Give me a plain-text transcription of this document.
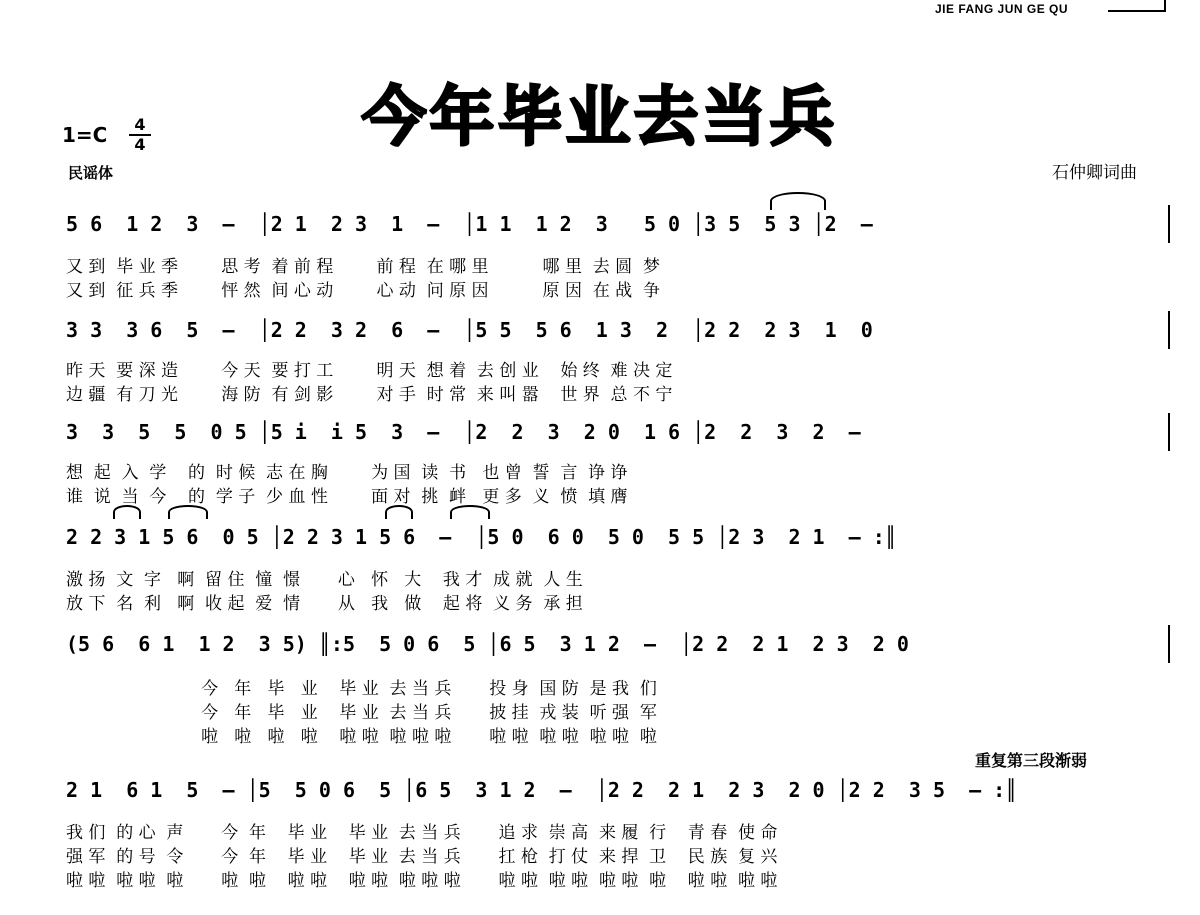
JIE FANG JUN GE QU
今年毕业去当兵
1=C	4
4
民谣体	石仲卿词曲
5 6  1 2  3  –  │2 1  2 3  1  –  │1 1  1 2  3   5 0 │3 5  5 3 │2  –
又 到  毕 业 季        思 考  着 前 程        前 程  在 哪 里          哪 里  去 圆  梦
又 到  征 兵 季        怦 然  间 心 动        心 动  问 原 因          原 因  在 战  争
3 3  3 6  5  –  │2 2  3 2  6  –  │5 5  5 6  1 3  2  │2 2  2 3  1  0
昨 天  要 深 造        今 天  要 打 工        明 天  想 着  去 创 业    始 终  难 决 定
边 疆  有 刀 光        海 防  有 剑 影        对 手  时 常  来 叫 嚣    世 界  总 不 宁
3  3  5  5  0 5 │5 i  i 5  3  –  │2  2  3  2 0  1 6 │2  2  3  2  –
想  起  入  学    的  时 候  志 在 胸        为 国  读  书   也 曾  誓  言  诤 诤
谁  说  当  今    的  学 子  少 血 性        面 对  挑  衅   更 多  义  愤  填 膺
2 2 3 1 5 6  0 5 │2 2 3 1 5 6  –  │5 0  6 0  5 0  5 5 │2 3  2 1  – :║
激 扬  文  字   啊  留 住  憧  憬       心   怀   大    我 才  成 就  人 生
放 下  名  利   啊  收 起  爱  情       从   我   做    起 将  义 务  承 担
(5 6  6 1  1 2  3 5) ║:5  5 0 6  5 │6 5  3 1 2  –  │2 2  2 1  2 3  2 0
今   年   毕   业    毕 业  去 当 兵       投 身  国 防  是 我  们
今   年   毕   业    毕 业  去 当 兵       披 挂  戎 装  听 强  军
啦   啦   啦   啦    啦 啦  啦 啦 啦       啦 啦  啦 啦  啦 啦  啦
重复第三段渐弱
2 1  6 1  5  – │5  5 0 6  5 │6 5  3 1 2  –  │2 2  2 1  2 3  2 0 │2 2  3 5  – :║
我 们  的 心  声       今  年    毕 业    毕 业  去 当 兵       追 求  崇 高  来 履  行    青 春  使 命
强 军  的 号  令       今  年    毕 业    毕 业  去 当 兵       扛 枪  打 仗  来 捍  卫    民 族  复 兴
啦 啦  啦 啦  啦       啦  啦    啦 啦    啦 啦  啦 啦 啦       啦 啦  啦 啦  啦 啦  啦    啦 啦  啦 啦
